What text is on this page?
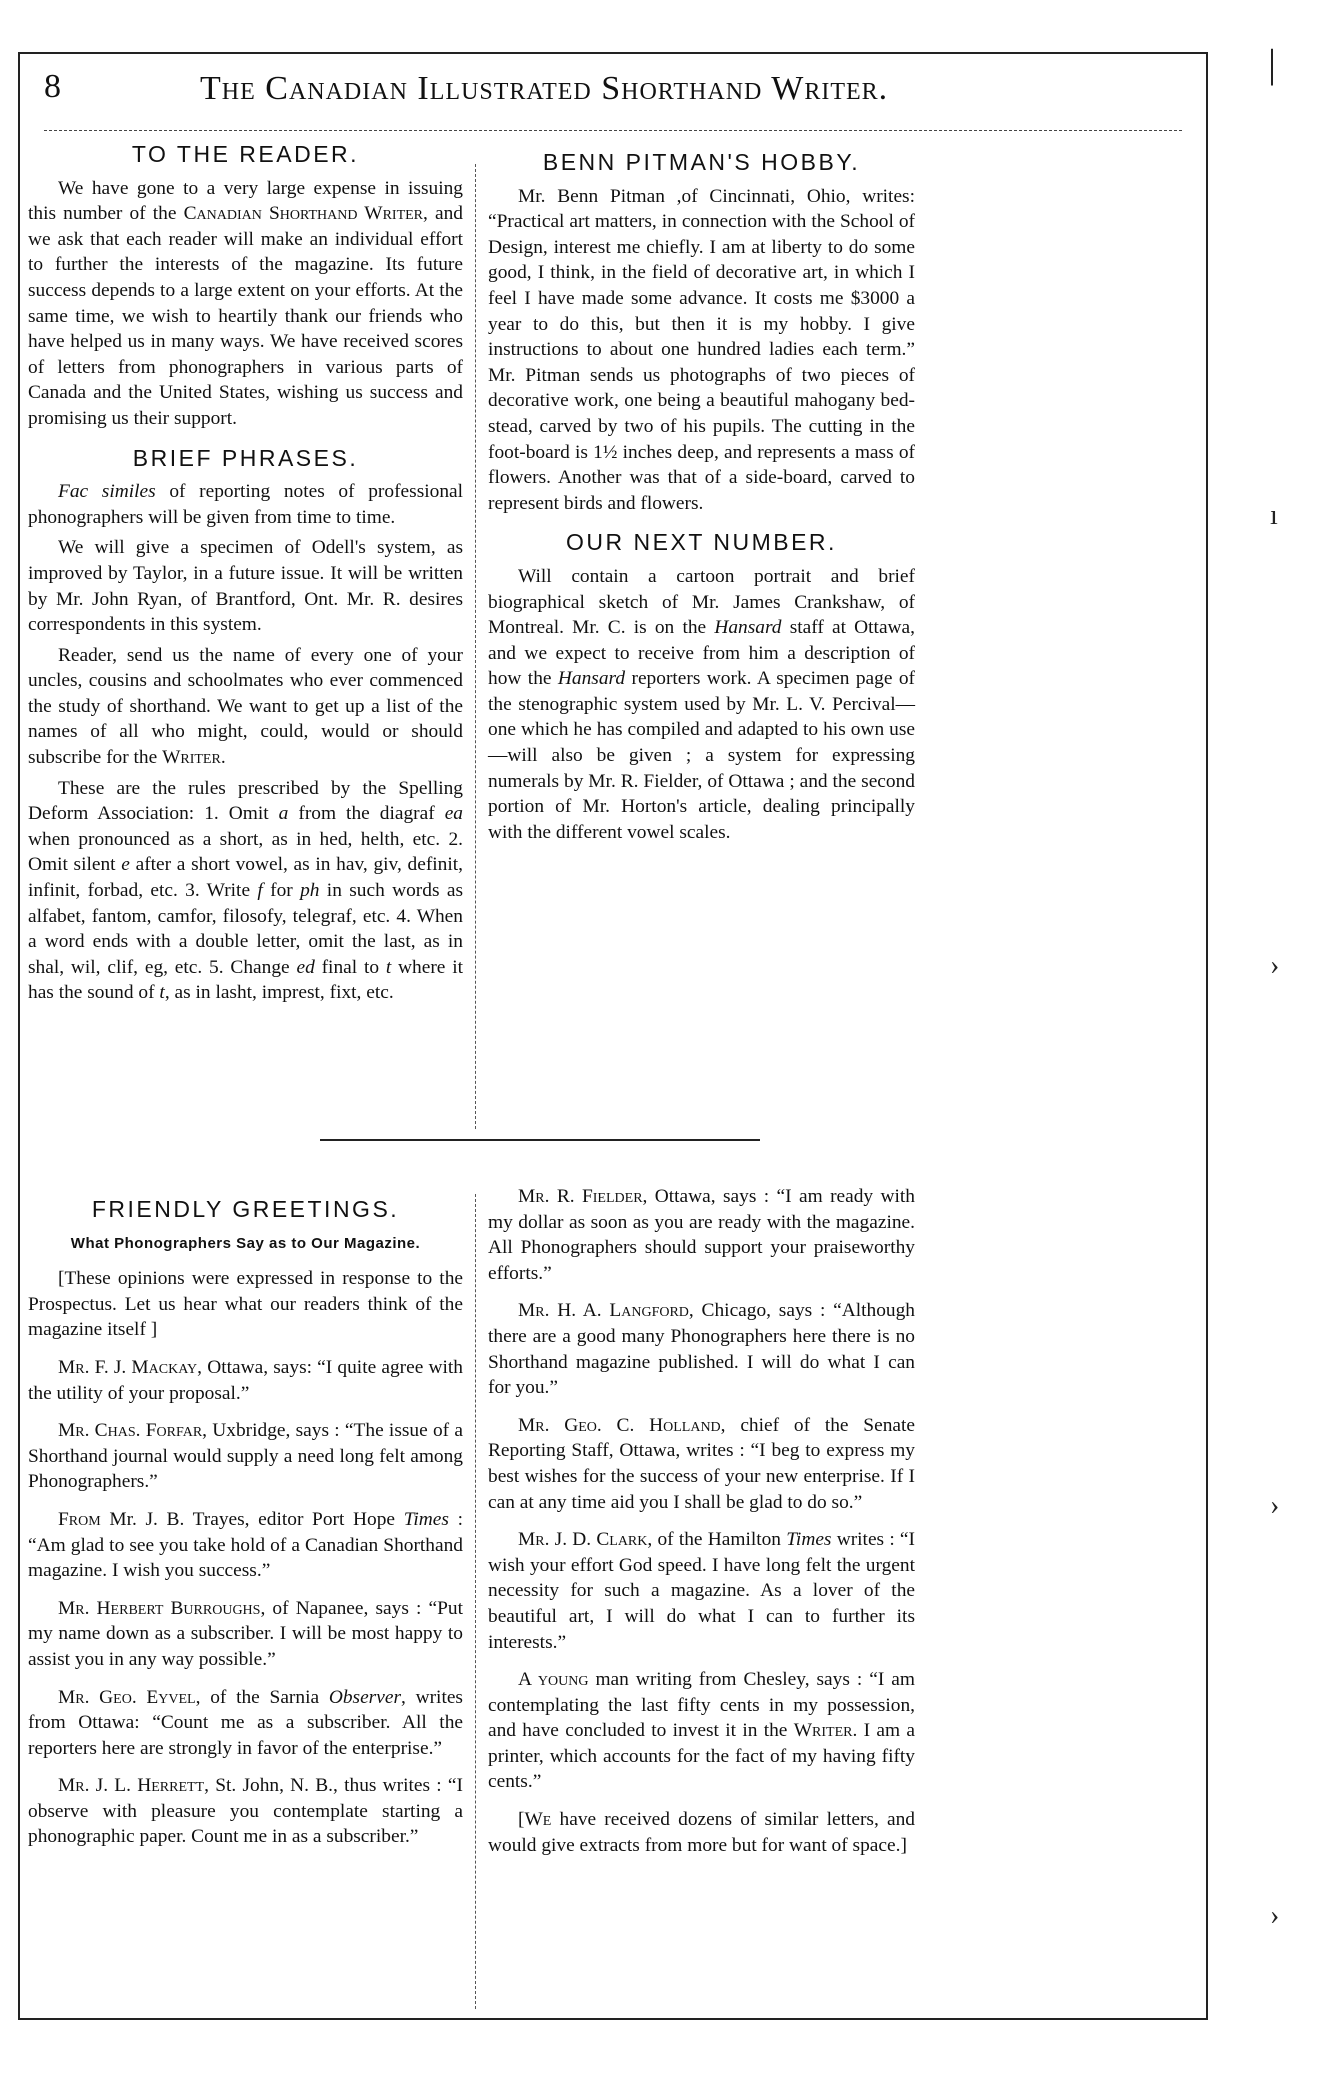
8	The Canadian Illustrated Shorthand Writer.
TO THE READER.

We have gone to a very large expense in issuing this number of the Canadian Shorthand Writer, and we ask that each reader will make an individual effort to further the interests of the magazine. Its future success depends to a large extent on your efforts. At the same time, we wish to heartily thank our friends who have helped us in many ways. We have received scores of letters from phonographers in various parts of Canada and the United States, wishing us success and promising us their support.

BRIEF PHRASES.

Fac similes of reporting notes of professional phonographers will be given from time to time.

We will give a specimen of Odell's system, as improved by Taylor, in a future issue. It will be written by Mr. John Ryan, of Brantford, Ont. Mr. R. desires correspondents in this system.

Reader, send us the name of every one of your uncles, cousins and schoolmates who ever commenced the study of shorthand. We want to get up a list of the names of all who might, could, would or should subscribe for the Writer.

These are the rules prescribed by the Spelling Deform Association: 1. Omit a from the diagraf ea when pronounced as a short, as in hed, helth, etc. 2. Omit silent e after a short vowel, as in hav, giv, definit, infinit, forbad, etc. 3. Write f for ph in such words as alfabet, fantom, camfor, filosofy, telegraf, etc. 4. When a word ends with a double letter, omit the last, as in shal, wil, clif, eg, etc. 5. Change ed final to t where it has the sound of t, as in lasht, imprest, fixt, etc.

BENN PITMAN'S HOBBY.

Mr. Benn Pitman ,of Cincinnati, Ohio, writes: “Practical art matters, in connection with the School of Design, interest me chiefly. I am at liberty to do some good, I think, in the field of decorative art, in which I feel I have made some advance. It costs me $3000 a year to do this, but then it is my hobby. I give instructions to about one hundred ladies each term.” Mr. Pitman sends us photographs of two pieces of decorative work, one being a beautiful mahogany bed-stead, carved by two of his pupils. The cutting in the foot-board is 1½ inches deep, and represents a mass of flowers. Another was that of a side-board, carved to represent birds and flowers.

OUR NEXT NUMBER.

Will contain a cartoon portrait and brief biographical sketch of Mr. James Crankshaw, of Montreal. Mr. C. is on the Hansard staff at Ottawa, and we expect to receive from him a description of how the Hansard reporters work. A specimen page of the stenographic system used by Mr. L. V. Percival—one which he has compiled and adapted to his own use—will also be given ; a system for expressing numerals by Mr. R. Fielder, of Ottawa ; and the second portion of Mr. Horton's article, dealing principally with the different vowel scales.

FRIENDLY GREETINGS.
What Phonographers Say as to Our Magazine.

[These opinions were expressed in response to the Prospectus. Let us hear what our readers think of the magazine itself ]

Mr. F. J. Mackay, Ottawa, says: “I quite agree with the utility of your proposal.”

Mr. Chas. Forfar, Uxbridge, says : “The issue of a Shorthand journal would supply a need long felt among Phonographers.”

From Mr. J. B. Trayes, editor Port Hope Times : “Am glad to see you take hold of a Canadian Shorthand magazine. I wish you success.”

Mr. Herbert Burroughs, of Napanee, says : “Put my name down as a subscriber. I will be most happy to assist you in any way possible.”

Mr. Geo. Eyvel, of the Sarnia Observer, writes from Ottawa: “Count me as a subscriber. All the reporters here are strongly in favor of the enterprise.”

Mr. J. L. Herrett, St. John, N. B., thus writes : “I observe with pleasure you contemplate starting a phonographic paper. Count me in as a subscriber.”

Mr. R. Fielder, Ottawa, says : “I am ready with my dollar as soon as you are ready with the magazine. All Phonographers should support your praiseworthy efforts.”

Mr. H. A. Langford, Chicago, says : “Although there are a good many Phonographers here there is no Shorthand magazine published. I will do what I can for you.”

Mr. Geo. C. Holland, chief of the Senate Reporting Staff, Ottawa, writes : “I beg to express my best wishes for the success of your new enterprise. If I can at any time aid you I shall be glad to do so.”

Mr. J. D. Clark, of the Hamilton Times writes : “I wish your effort God speed. I have long felt the urgent necessity for such a magazine. As a lover of the beautiful art, I will do what I can to further its interests.”

A young man writing from Chesley, says : “I am contemplating the last fifty cents in my possession, and have concluded to invest it in the Writer. I am a printer, which accounts for the fact of my having fifty cents.”

[We have received dozens of similar letters, and would give extracts from more but for want of space.]

|
ı
›
›
›
